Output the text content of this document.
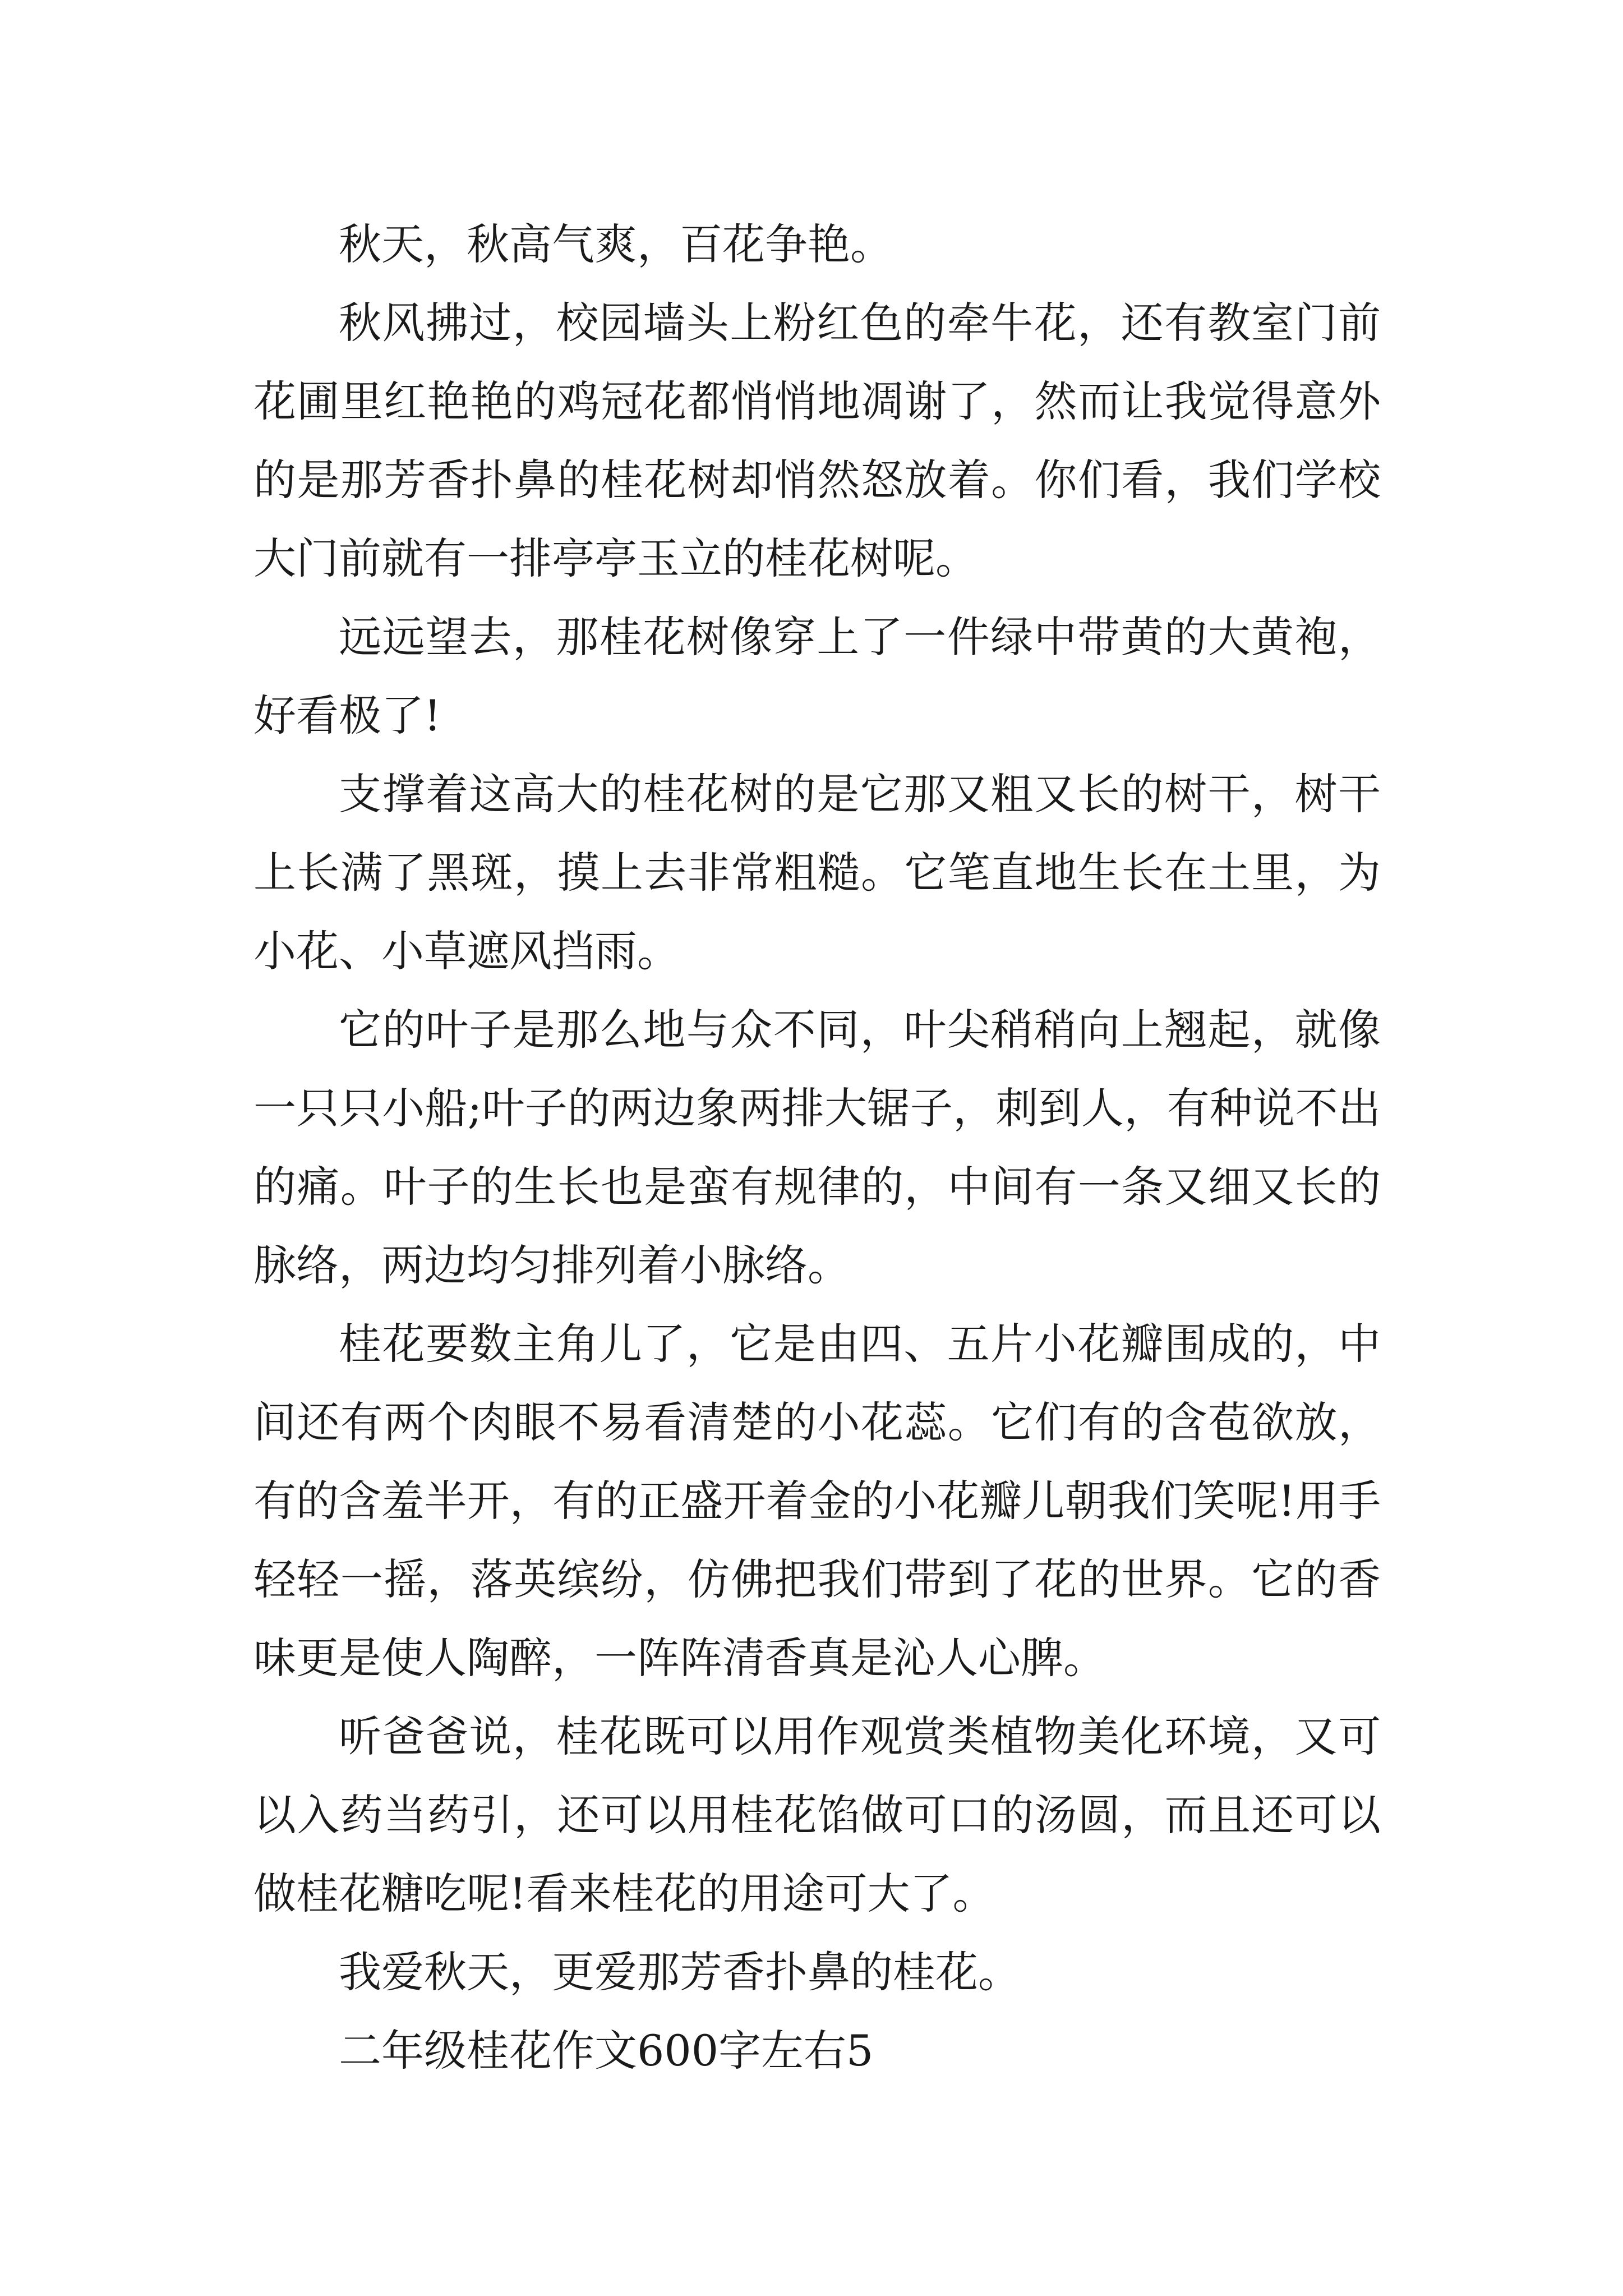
秋天，秋高气爽，百花争艳。

秋风拂过，校园墙头上粉红色的牵牛花，还有教室门前花圃里红艳艳的鸡冠花都悄悄地凋谢了，然而让我觉得意外的是那芳香扑鼻的桂花树却悄然怒放着。你们看，我们学校大门前就有一排亭亭玉立的桂花树呢。

远远望去，那桂花树像穿上了一件绿中带黄的大黄袍，好看极了!

支撑着这高大的桂花树的是它那又粗又长的树干，树干上长满了黑斑，摸上去非常粗糙。它笔直地生长在土里，为小花、小草遮风挡雨。

它的叶子是那么地与众不同，叶尖稍稍向上翘起，就像一只只小船;叶子的两边象两排大锯子，刺到人，有种说不出的痛。叶子的生长也是蛮有规律的，中间有一条又细又长的脉络，两边均匀排列着小脉络。

桂花要数主角儿了，它是由四、五片小花瓣围成的，中间还有两个肉眼不易看清楚的小花蕊。它们有的含苞欲放，有的含羞半开，有的正盛开着金的小花瓣儿朝我们笑呢!用手轻轻一摇，落英缤纷，仿佛把我们带到了花的世界。它的香味更是使人陶醉，一阵阵清香真是沁人心脾。

听爸爸说，桂花既可以用作观赏类植物美化环境，又可以入药当药引，还可以用桂花馅做可口的汤圆，而且还可以做桂花糖吃呢!看来桂花的用途可大了。

我爱秋天，更爱那芳香扑鼻的桂花。

二年级桂花作文600字左右5
